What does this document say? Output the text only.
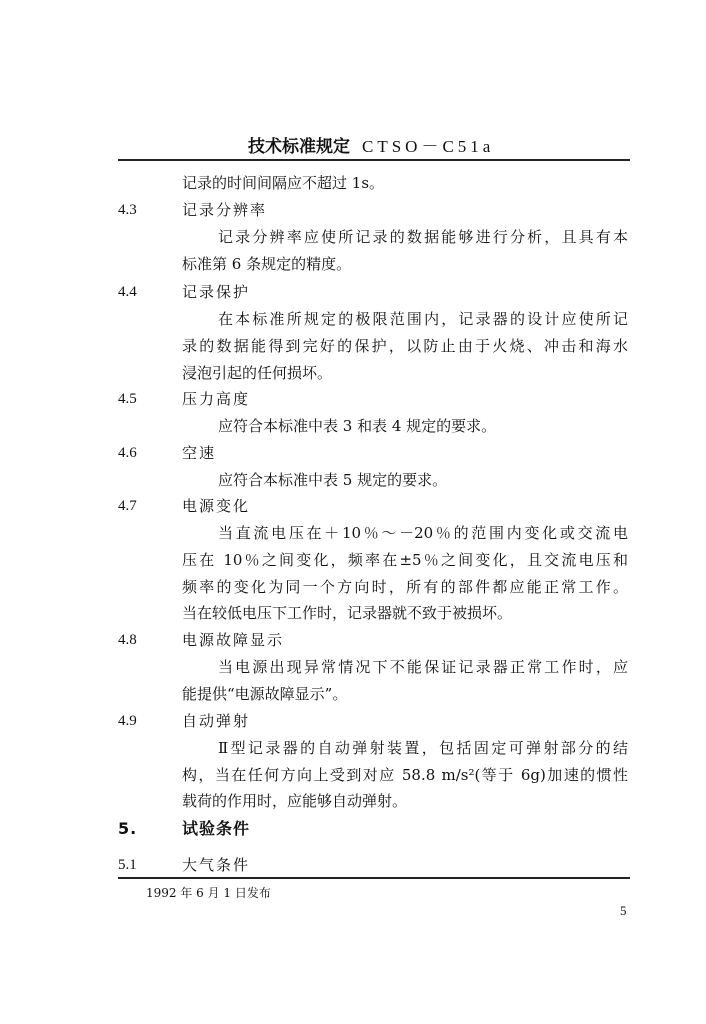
技术标准规定 CTSO－C51a
记录的时间间隔应不超过 1s。
4.3	记录分辨率
记录分辨率应使所记录的数据能够进行分析，且具有本
标准第 6 条规定的精度。
4.4	记录保护
在本标准所规定的极限范围内，记录器的设计应使所记
录的数据能得到完好的保护，以防止由于火烧、冲击和海水
浸泡引起的任何损坏。
4.5	压力高度
应符合本标准中表 3 和表 4 规定的要求。
4.6	空速
应符合本标准中表 5 规定的要求。
4.7	电源变化
当直流电压在＋10％～－20％的范围内变化或交流电
压在 10％之间变化，频率在±5％之间变化，且交流电压和
频率的变化为同一个方向时，所有的部件都应能正常工作。
当在较低电压下工作时，记录器就不致于被损坏。
4.8	电源故障显示
当电源出现异常情况下不能保证记录器正常工作时，应
能提供“电源故障显示”。
4.9	自动弹射
Ⅱ型记录器的自动弹射装置，包括固定可弹射部分的结
构，当在任何方向上受到对应 58.8 m/s²(等于 6g)加速的惯性
载荷的作用时，应能够自动弹射。
5.	试验条件
5.1	大气条件
1992 年 6 月 1 日发布
5
